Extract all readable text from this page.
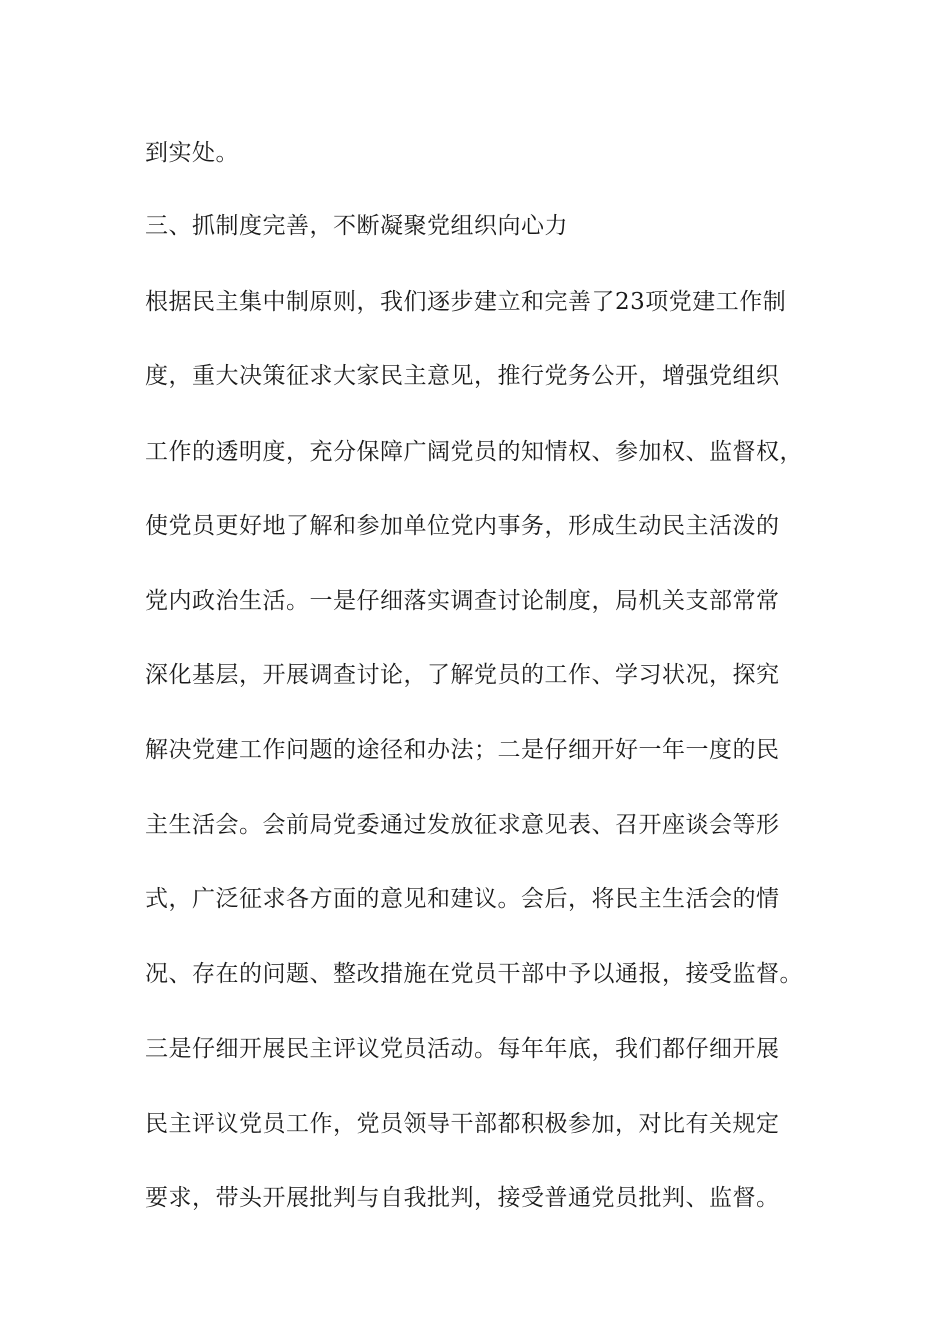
到实处。
三、抓制度完善，不断凝聚党组织向心力
根据民主集中制原则，我们逐步建立和完善了23项党建工作制
度，重大决策征求大家民主意见，推行党务公开，增强党组织
工作的透明度，充分保障广阔党员的知情权、参加权、监督权，
使党员更好地了解和参加单位党内事务，形成生动民主活泼的
党内政治生活。一是仔细落实调查讨论制度，局机关支部常常
深化基层，开展调查讨论，了解党员的工作、学习状况，探究
解决党建工作问题的途径和办法；二是仔细开好一年一度的民
主生活会。会前局党委通过发放征求意见表、召开座谈会等形
式，广泛征求各方面的意见和建议。会后，将民主生活会的情
况、存在的问题、整改措施在党员干部中予以通报，接受监督。
三是仔细开展民主评议党员活动。每年年底，我们都仔细开展
民主评议党员工作，党员领导干部都积极参加，对比有关规定
要求，带头开展批判与自我批判，接受普通党员批判、监督。
